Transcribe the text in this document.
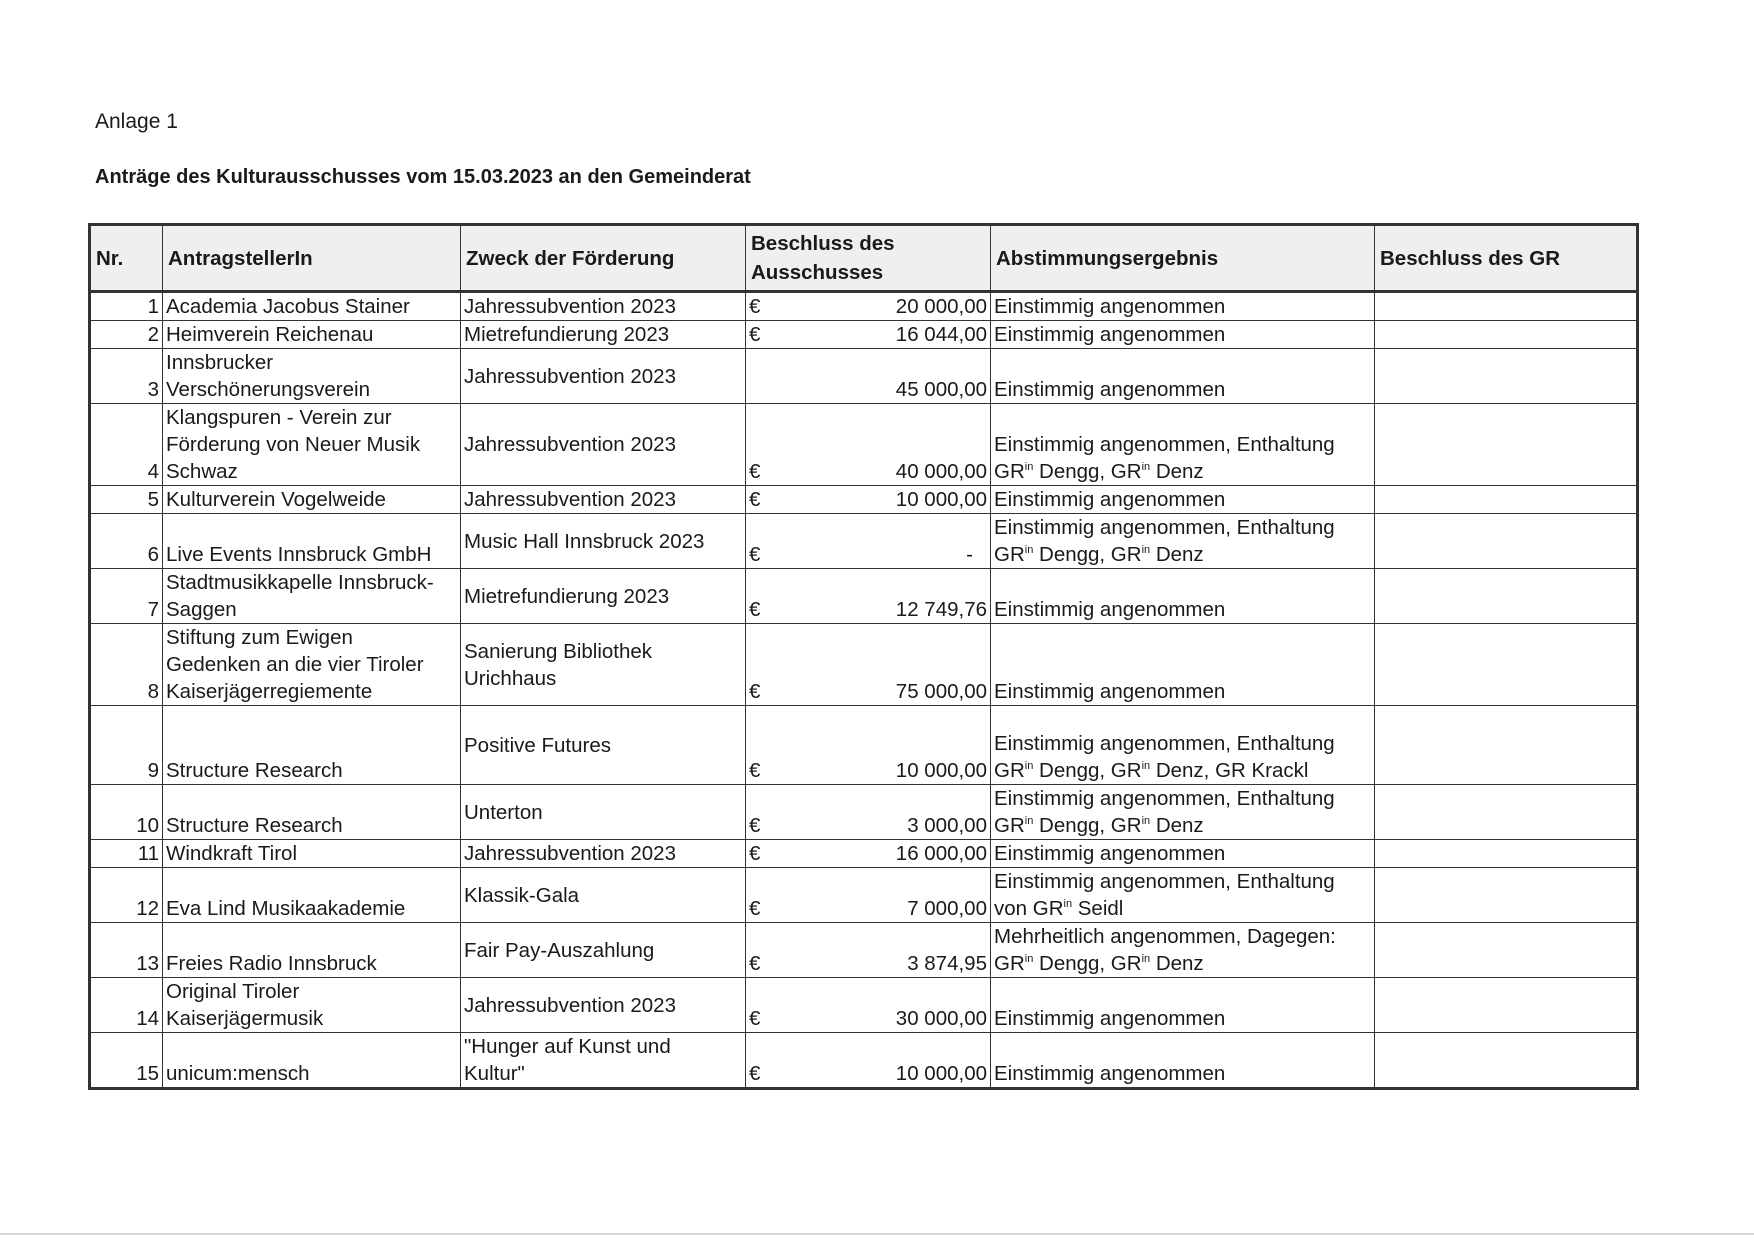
Anlage 1
Anträge des Kulturausschusses vom 15.03.2023 an den Gemeinderat
Nr.	AntragstellerIn	Zweck der Förderung	Beschluss des
Ausschusses	Abstimmungsergebnis	Beschluss des GR
1	Academia Jacobus Stainer	Jahressubvention 2023	€ 20 000,00	Einstimmig angenommen	
2	Heimverein Reichenau	Mietrefundierung 2023	€ 16 044,00	Einstimmig angenommen	
3	Innsbrucker
Verschönerungsverein	Jahressubvention 2023	45 000,00	Einstimmig angenommen	
4	Klangspuren - Verein zur
Förderung von Neuer Musik
Schwaz	Jahressubvention 2023	€ 40 000,00	Einstimmig angenommen, Enthaltung
$GR^{in}$ Dengg, $GR^{in}$ Denz	
5	Kulturverein Vogelweide	Jahressubvention 2023	€ 10 000,00	Einstimmig angenommen	
6	Live Events Innsbruck GmbH	Music Hall Innsbruck 2023	€ -	Einstimmig angenommen, Enthaltung
$GR^{in}$ Dengg, $GR^{in}$ Denz	
7	Stadtmusikkapelle Innsbruck-
Saggen	Mietrefundierung 2023	€ 12 749,76	Einstimmig angenommen	
8	Stiftung zum Ewigen
Gedenken an die vier Tiroler
Kaiserjägerregiemente	Sanierung Bibliothek
Urichhaus	€ 75 000,00	Einstimmig angenommen	
9	Structure Research	Positive Futures	€ 10 000,00	Einstimmig angenommen, Enthaltung
$GR^{in}$ Dengg, $GR^{in}$ Denz, GR Krackl	
10	Structure Research	Unterton	€ 3 000,00	Einstimmig angenommen, Enthaltung
$GR^{in}$ Dengg, $GR^{in}$ Denz	
11	Windkraft Tirol	Jahressubvention 2023	€ 16 000,00	Einstimmig angenommen	
12	Eva Lind Musikaakademie	Klassik-Gala	€ 7 000,00	Einstimmig angenommen, Enthaltung
von $GR^{in}$ Seidl	
13	Freies Radio Innsbruck	Fair Pay-Auszahlung	€ 3 874,95	Mehrheitlich angenommen, Dagegen:
$GR^{in}$ Dengg, $GR^{in}$ Denz	
14	Original Tiroler
Kaiserjägermusik	Jahressubvention 2023	€ 30 000,00	Einstimmig angenommen	
15	unicum:mensch	"Hunger auf Kunst und
Kultur"	€ 10 000,00	Einstimmig angenommen	
